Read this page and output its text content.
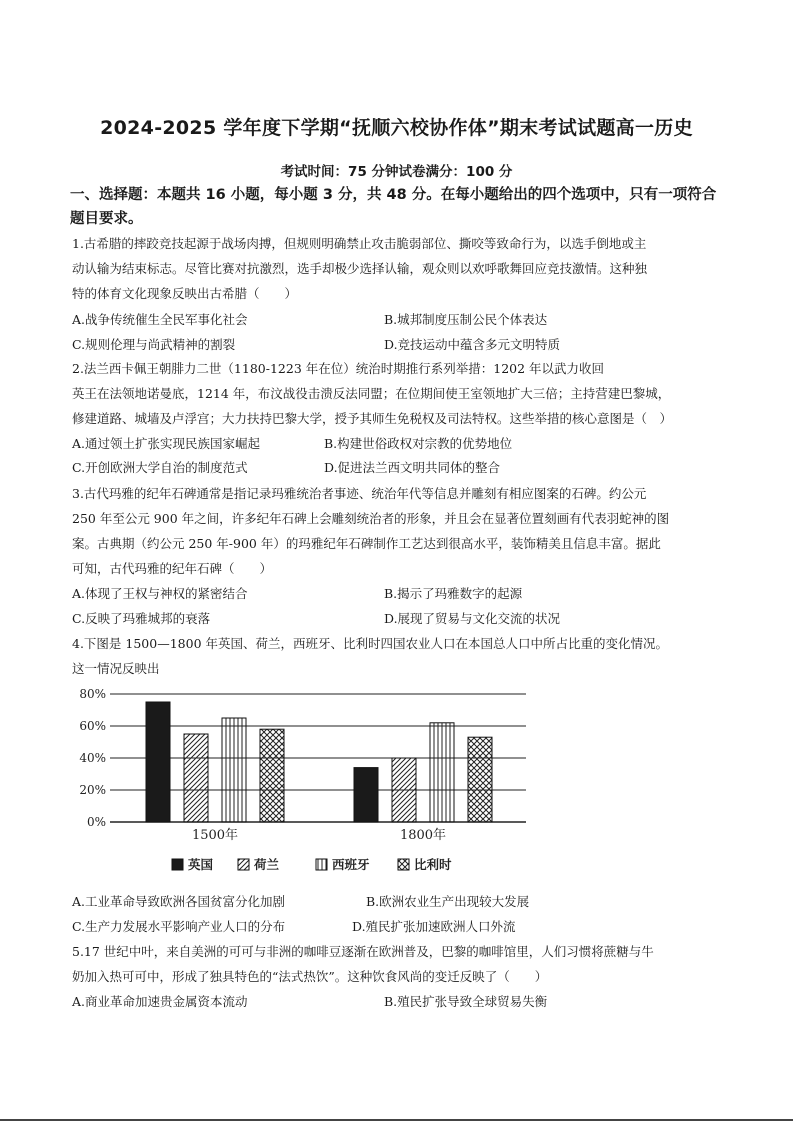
2024-2025 学年度下学期“抚顺六校协作体”期末考试试题高一历史
考试时间：75 分钟试卷满分：100 分
一、选择题：本题共 16 小题，每小题 3 分，共 48 分。在每小题给出的四个选项中，只有一项符合题目要求。
1.古希腊的摔跤竞技起源于战场肉搏，但规则明确禁止攻击脆弱部位、撕咬等致命行为，以选手倒地或主
动认输为结束标志。尽管比赛对抗激烈，选手却极少选择认输，观众则以欢呼歌舞回应竞技激情。这种独
特的体育文化现象反映出古希腊（　　）
A.战争传统催生全民军事化社会	B.城邦制度压制公民个体表达
C.规则伦理与尚武精神的割裂	D.竞技运动中蕴含多元文明特质
2.法兰西卡佩王朝腓力二世（1180-1223 年在位）统治时期推行系列举措：1202 年以武力收回
英王在法领地诺曼底，1214 年，布汶战役击溃反法同盟；在位期间使王室领地扩大三倍；主持营建巴黎城，
修建道路、城墙及卢浮宫；大力扶持巴黎大学，授予其师生免税权及司法特权。这些举措的核心意图是（　）
A.通过领土扩张实现民族国家崛起	B.构建世俗政权对宗教的优势地位
C.开创欧洲大学自治的制度范式	D.促进法兰西文明共同体的整合
3.古代玛雅的纪年石碑通常是指记录玛雅统治者事迹、统治年代等信息并雕刻有相应图案的石碑。约公元
250 年至公元 900 年之间，许多纪年石碑上会雕刻统治者的形象，并且会在显著位置刻画有代表羽蛇神的图
案。古典期（约公元 250 年-900 年）的玛雅纪年石碑制作工艺达到很高水平，装饰精美且信息丰富。据此
可知，古代玛雅的纪年石碑（　　）
A.体现了王权与神权的紧密结合	B.揭示了玛雅数字的起源
C.反映了玛雅城邦的衰落	D.展现了贸易与文化交流的状况
4.下图是 1500—1800 年英国、荷兰，西班牙、比利时四国农业人口在本国总人口中所占比重的变化情况。
这一情况反映出
0%
20%
40%
60%
80%
1500年	1800年
英国	荷兰	西班牙	比利时
A.工业革命导致欧洲各国贫富分化加剧	B.欧洲农业生产出现较大发展
C.生产力发展水平影响产业人口的分布	D.殖民扩张加速欧洲人口外流
5.17 世纪中叶，来自美洲的可可与非洲的咖啡豆逐渐在欧洲普及，巴黎的咖啡馆里，人们习惯将蔗糖与牛
奶加入热可可中，形成了独具特色的“法式热饮”。这种饮食风尚的变迁反映了（　　）
A.商业革命加速贵金属资本流动	B.殖民扩张导致全球贸易失衡
